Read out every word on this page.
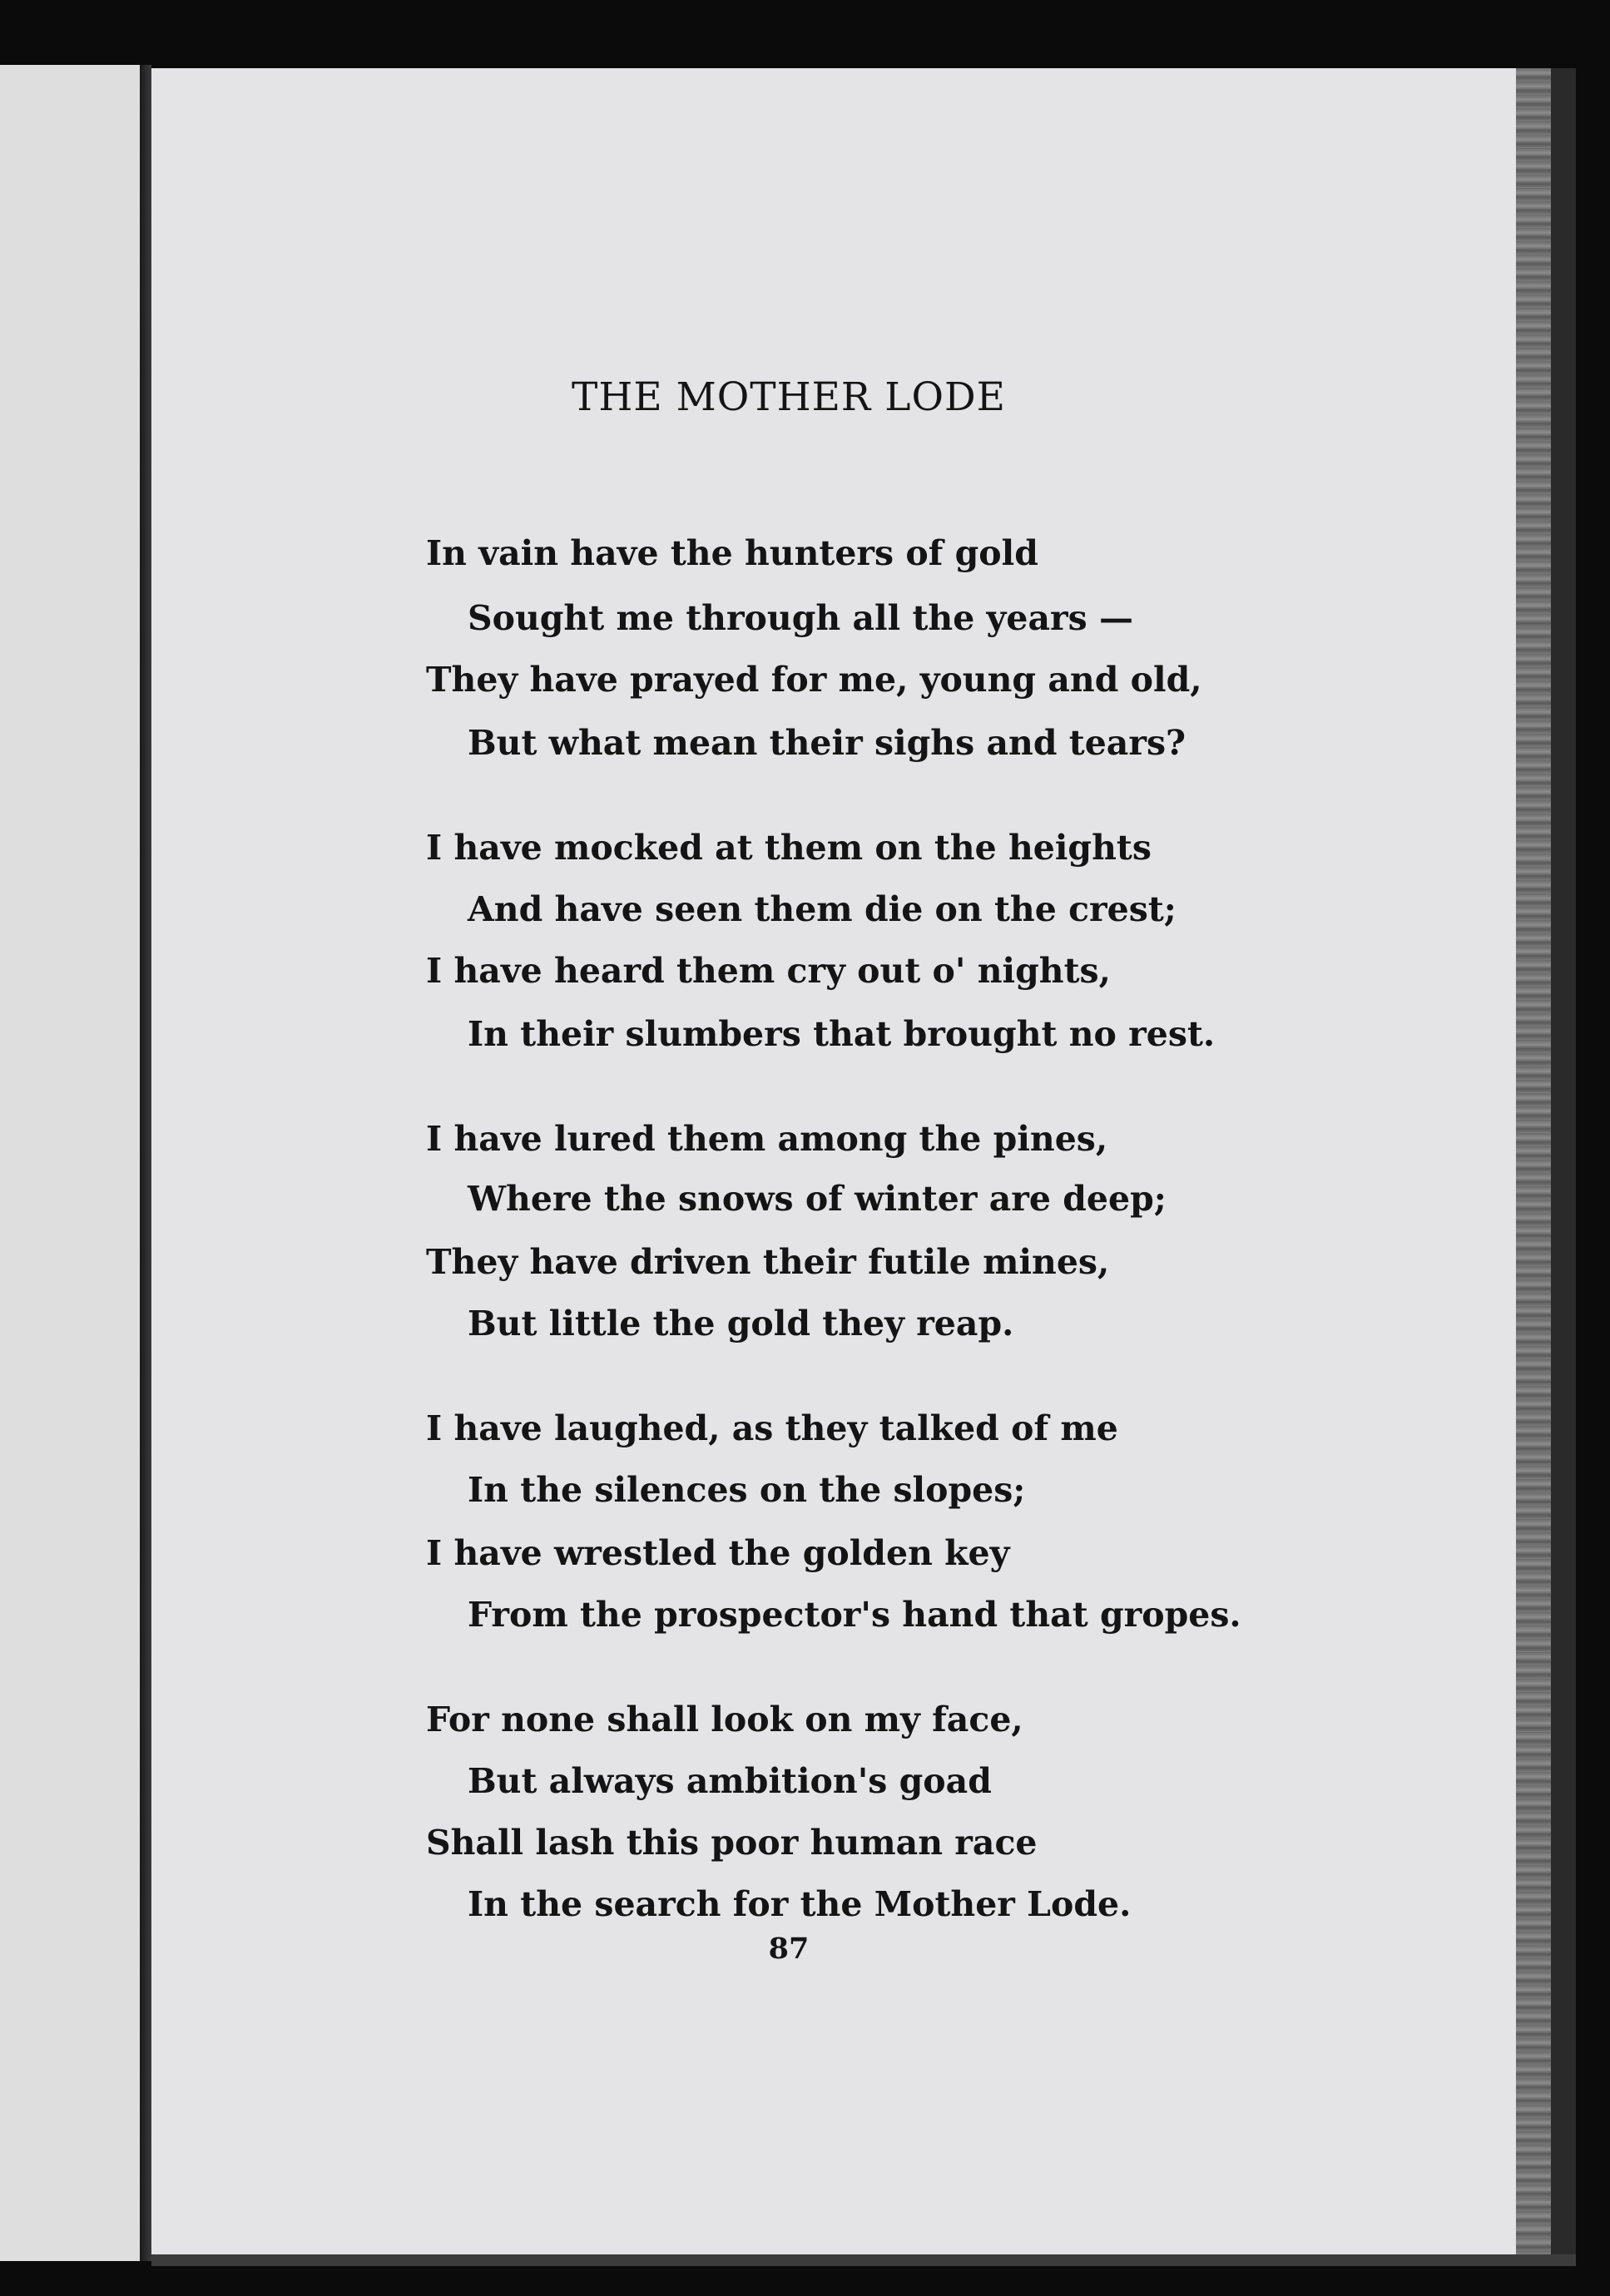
THE MOTHER LODE
In vain have the hunters of gold
Sought me through all the years —
They have prayed for me, young and old,
But what mean their sighs and tears?
I have mocked at them on the heights
And have seen them die on the crest;
I have heard them cry out o' nights,
In their slumbers that brought no rest.
I have lured them among the pines,
Where the snows of winter are deep;
They have driven their futile mines,
But little the gold they reap.
I have laughed, as they talked of me
In the silences on the slopes;
I have wrestled the golden key
From the prospector's hand that gropes.
For none shall look on my face,
But always ambition's goad
Shall lash this poor human race
In the search for the Mother Lode.
87
